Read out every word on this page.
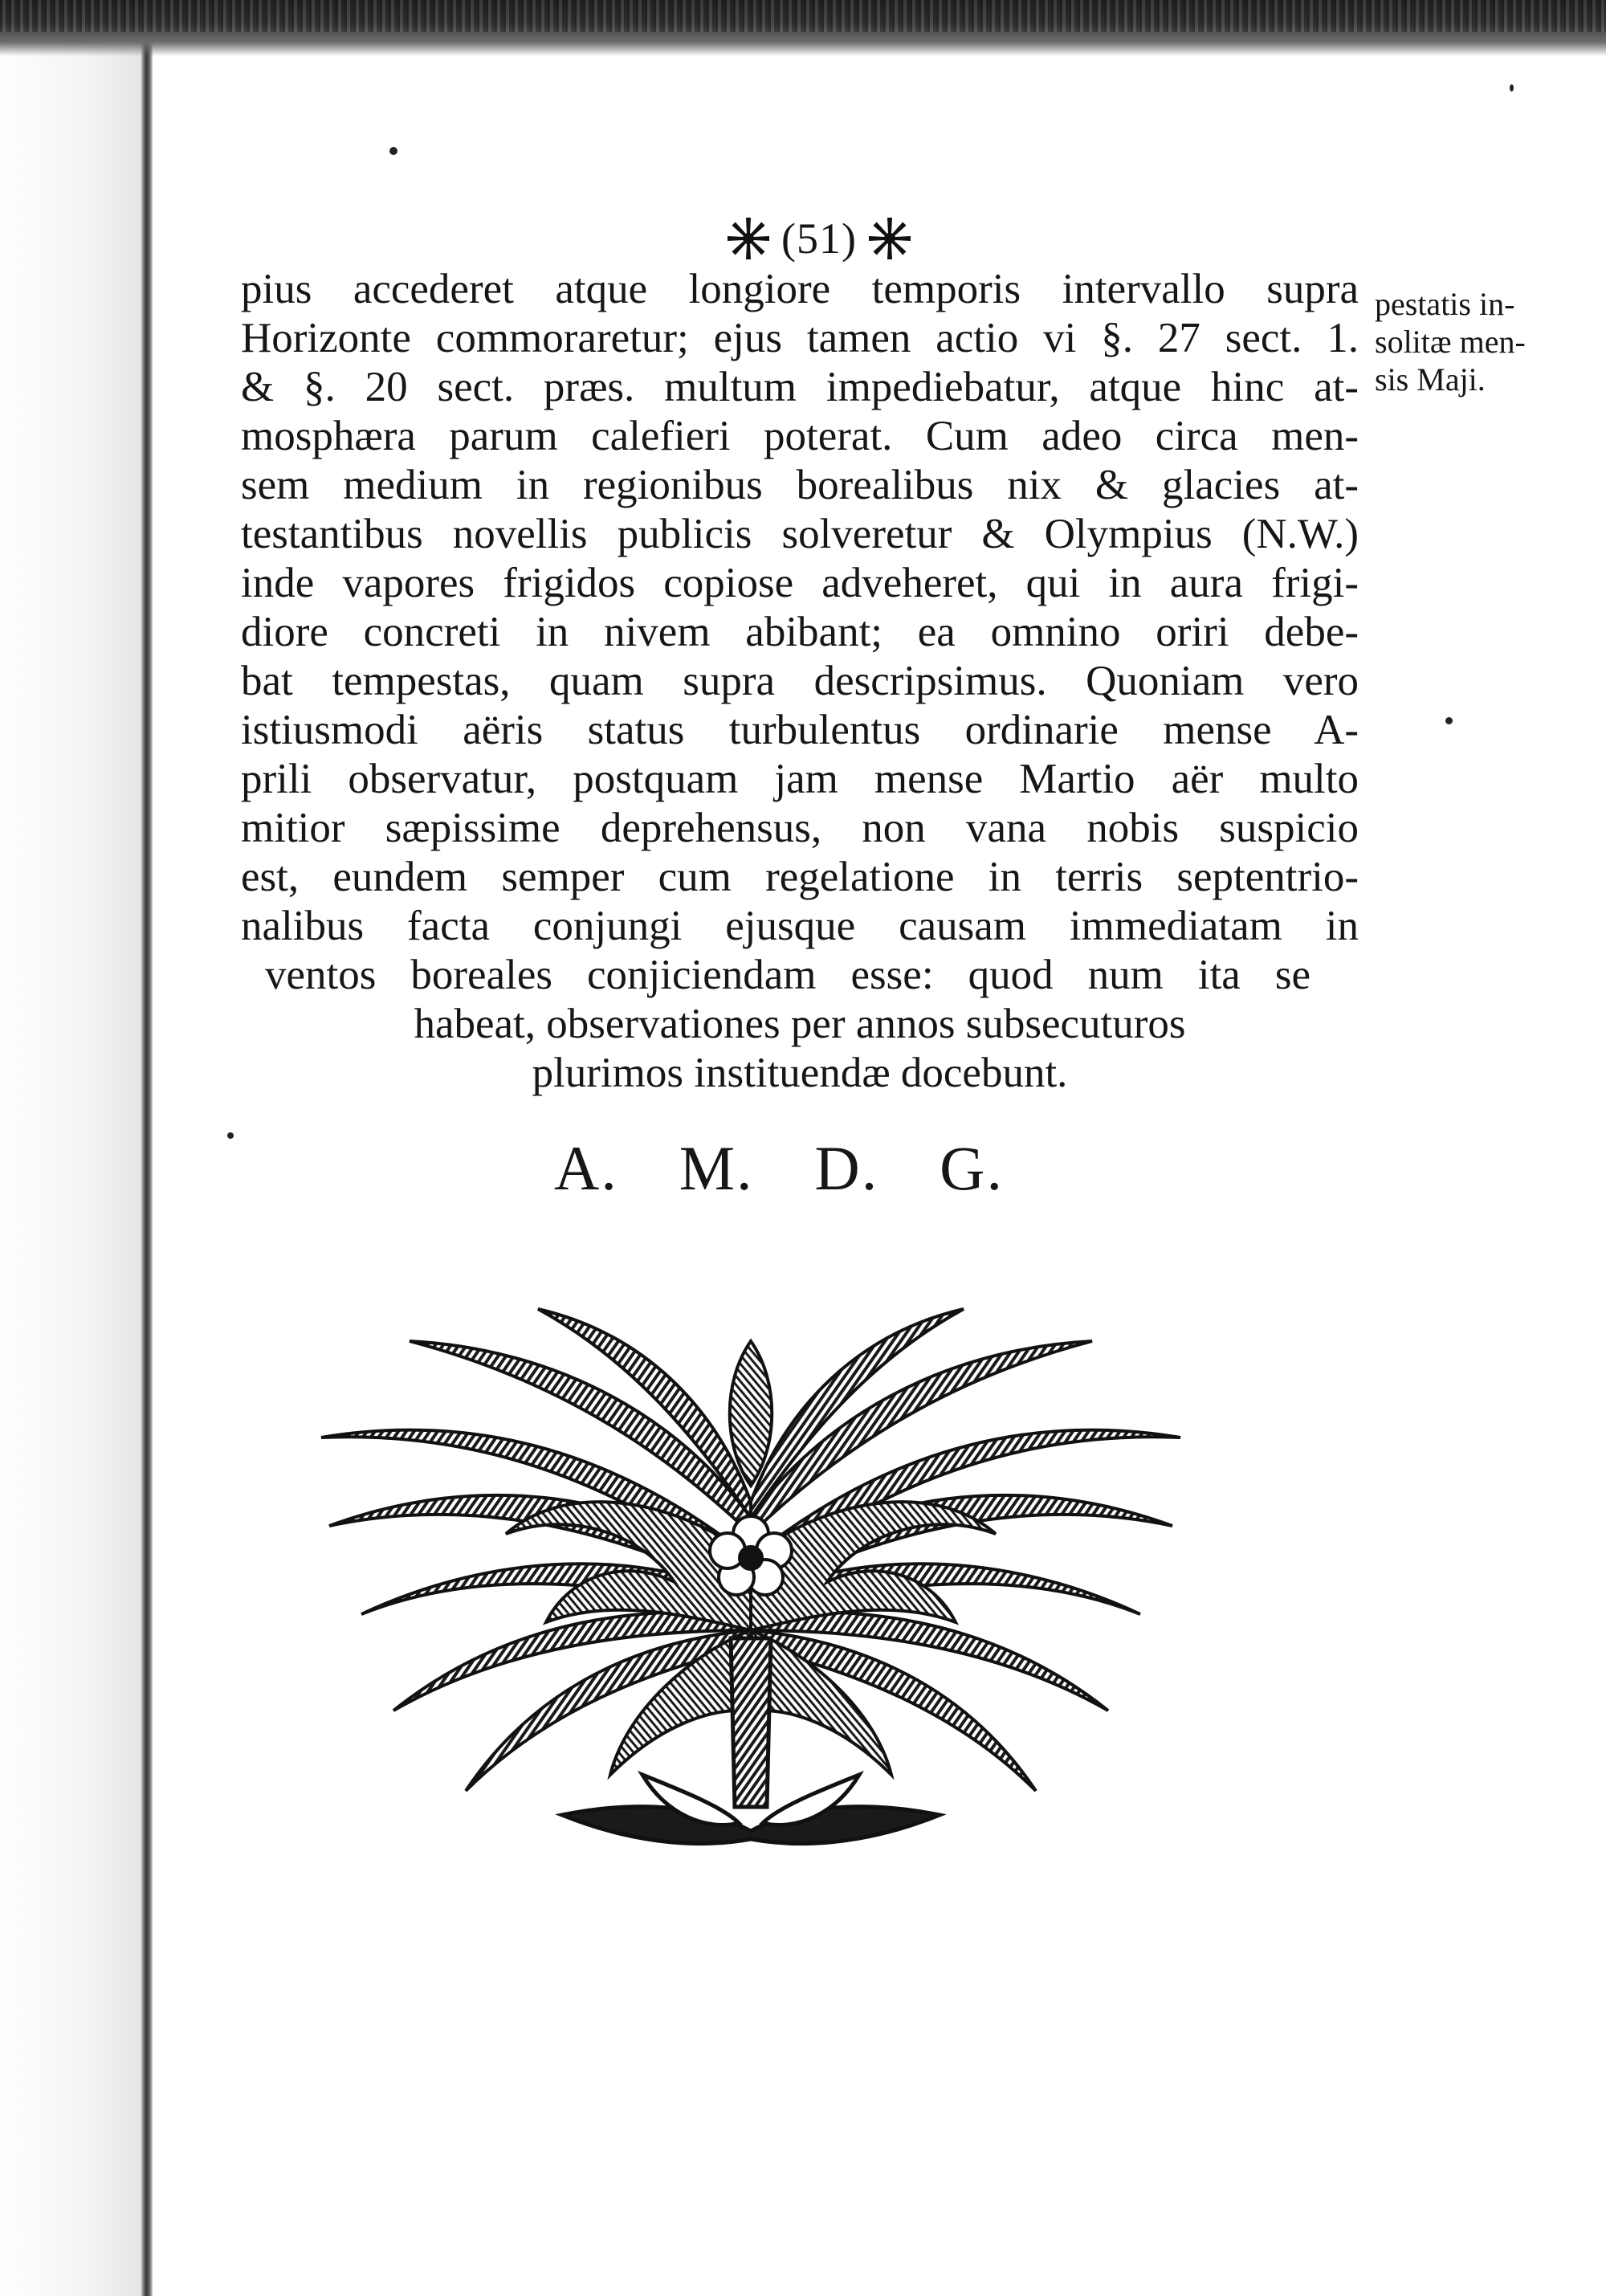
(51)
pius accederet atque longiore temporis intervallo supra
Horizonte commoraretur; ejus tamen actio vi §. 27 sect. 1.
& §. 20 sect. præs. multum impediebatur, atque hinc at-
mosphæra parum calefieri poterat. Cum adeo circa men-
sem medium in regionibus borealibus nix & glacies at-
testantibus novellis publicis solveretur & Olympius (N.W.)
inde vapores frigidos copiose adveheret, qui in aura frigi-
diore concreti in nivem abibant; ea omnino oriri debe-
bat tempestas, quam supra descripsimus. Quoniam vero
istiusmodi aëris status turbulentus ordinarie mense A-
prili observatur, postquam jam mense Martio aër multo
mitior sæpissime deprehensus, non vana nobis suspicio
est, eundem semper cum regelatione in terris septentrio-
nalibus facta conjungi ejusque causam immediatam in
ventos boreales conjiciendam esse: quod num ita se
habeat, observationes per annos subsecuturos
plurimos instituendæ docebunt.
pestatis in-
solitæ men-
sis Maji.
A. M. D. G.
